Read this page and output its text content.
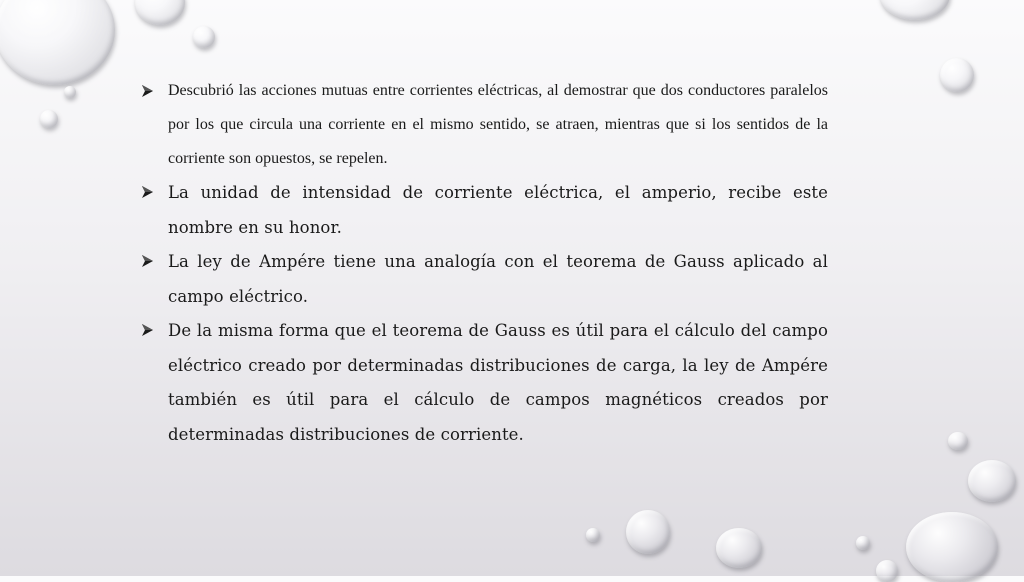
Descubrió las acciones mutuas entre corrientes eléctricas, al demostrar que dos conductores paralelos por los que circula una corriente en el mismo sentido, se atraen, mientras que si los sentidos de la corriente son opuestos, se repelen.

La unidad de intensidad de corriente eléctrica, el amperio, recibe este nombre en su honor.

La ley de Ampére tiene una analogía con el teorema de Gauss aplicado al campo eléctrico.

De la misma forma que el teorema de Gauss es útil para el cálculo del campo eléctrico creado por determinadas distribuciones de carga, la ley de Ampére también es útil para el cálculo de campos magnéticos creados por determinadas distribuciones de corriente.
